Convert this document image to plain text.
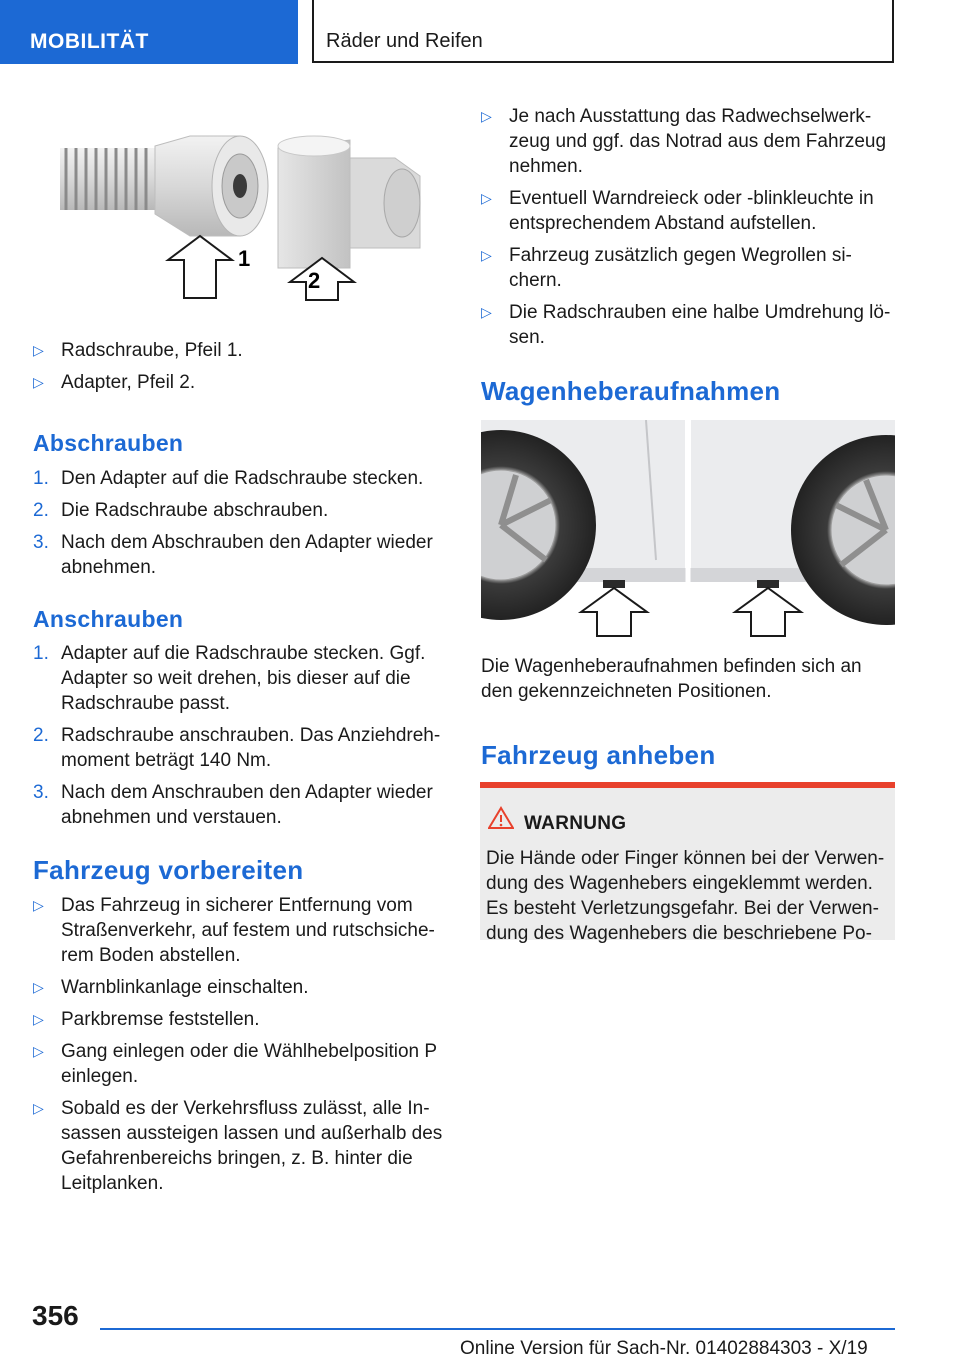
MOBILITÄT	Räder und Reifen
1
2
▷ Radschraube, Pfeil 1.
▷ Adapter, Pfeil 2.
Abschrauben
1. Den Adapter auf die Radschraube stecken.
2. Die Radschraube abschrauben.
3. Nach dem Abschrauben den Adapter wieder
abnehmen.
Anschrauben
1. Adapter auf die Radschraube stecken. Ggf.
Adapter so weit drehen, bis dieser auf die
Radschraube passt.
2. Radschraube anschrauben. Das Anziehdreh-
moment beträgt 140 Nm.
3. Nach dem Anschrauben den Adapter wieder
abnehmen und verstauen.
Fahrzeug vorbereiten
▷ Das Fahrzeug in sicherer Entfernung vom
Straßenverkehr, auf festem und rutschsiche-
rem Boden abstellen.
▷ Warnblinkanlage einschalten.
▷ Parkbremse feststellen.
▷ Gang einlegen oder die Wählhebelposition P
einlegen.
▷ Sobald es der Verkehrsfluss zulässt, alle In-
sassen aussteigen lassen und außerhalb des
Gefahrenbereichs bringen, z. B. hinter die
Leitplanken.
▷ Je nach Ausstattung das Radwechselwerk-
zeug und ggf. das Notrad aus dem Fahrzeug
nehmen.
▷ Eventuell Warndreieck oder -blinkleuchte in
entsprechendem Abstand aufstellen.
▷ Fahrzeug zusätzlich gegen Wegrollen si-
chern.
▷ Die Radschrauben eine halbe Umdrehung lö-
sen.
Wagenheberaufnahmen
Die Wagenheberaufnahmen befinden sich an
den gekennzeichneten Positionen.
Fahrzeug anheben
WARNUNG
Die Hände oder Finger können bei der Verwen-
dung des Wagenhebers eingeklemmt werden.
Es besteht Verletzungsgefahr. Bei der Verwen-
dung des Wagenhebers die beschriebene Po-
356
Online Version für Sach-Nr. 01402884303 - X/19
